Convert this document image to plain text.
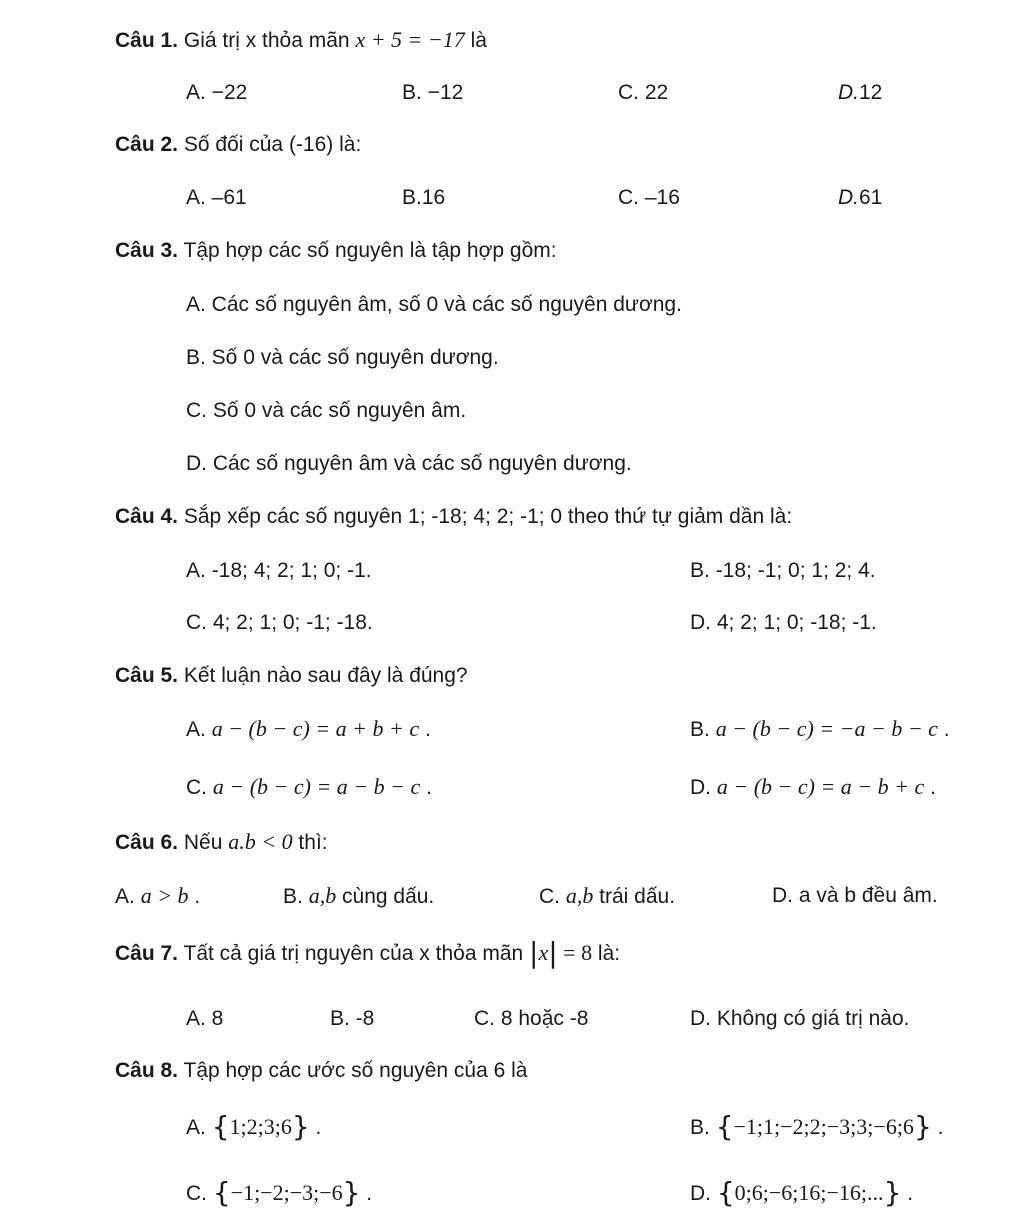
Câu 1. Giá trị x thỏa mãn x + 5 = −17 là
A. −22	B. −12	C. 22	D.12
Câu 2. Số đối của (-16) là:
A. –61	B.16	C. –16	D.61
Câu 3. Tập hợp các số nguyên là tập hợp gồm:
A. Các số nguyên âm, số 0 và các số nguyên dương.
B. Số 0 và các số nguyên dương.
C. Số 0 và các số nguyên âm.
D. Các số nguyên âm và các số nguyên dương.
Câu 4. Sắp xếp các số nguyên 1; -18; 4; 2; -1; 0 theo thứ tự giảm dần là:
A. -18; 4; 2; 1; 0; -1.	B. -18; -1; 0; 1; 2; 4.
C. 4; 2; 1; 0; -1; -18.	D. 4; 2; 1; 0; -18; -1.
Câu 5. Kết luận nào sau đây là đúng?
A. a − (b − c) = a + b + c .	B. a − (b − c) = −a − b − c .
C. a − (b − c) = a − b − c .	D. a − (b − c) = a − b + c .
Câu 6. Nếu a.b < 0 thì:
A. a > b .	B. a,b cùng dấu.	C. a,b trái dấu.	D. a và b đều âm.
Câu 7. Tất cả giá trị nguyên của x thỏa mãn |x| = 8 là:
A. 8	B. -8	C. 8 hoặc -8	D. Không có giá trị nào.
Câu 8. Tập hợp các ước số nguyên của 6 là
A. {1;2;3;6} .	B. {−1;1;−2;2;−3;3;−6;6} .
C. {−1;−2;−3;−6} .	D. {0;6;−6;16;−16;...} .
